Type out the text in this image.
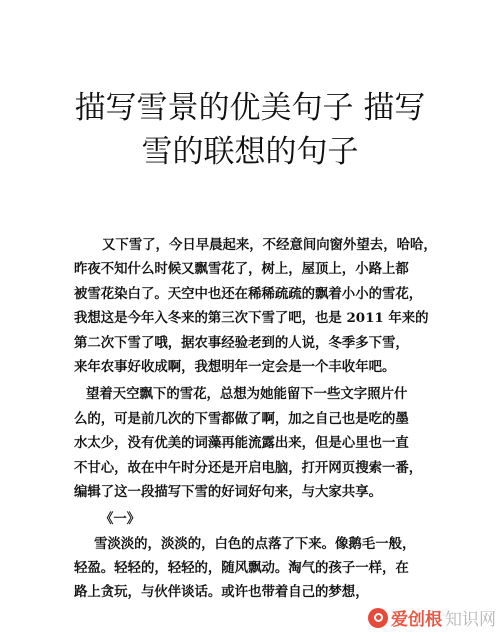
描写雪景的优美句子 描写
雪的联想的句子
又下雪了，今日早晨起来，不经意间向窗外望去，哈哈，
昨夜不知什么时候又飘雪花了，树上，屋顶上，小路上都
被雪花染白了。天空中也还在稀稀疏疏的飘着小小的雪花，
我想这是今年入冬来的第三次下雪了吧，也是 2011 年来的
第二次下雪了哦，据农事经验老到的人说，冬季多下雪，
来年农事好收成啊，我想明年一定会是一个丰收年吧。
望着天空飘下的雪花，总想为她能留下一些文字照片什
么的，可是前几次的下雪都做了啊，加之自己也是吃的墨
水太少，没有优美的词藻再能流露出来，但是心里也一直
不甘心，故在中午时分还是开启电脑，打开网页搜索一番，
编辑了这一段描写下雪的好词好句来，与大家共享。
《一》
雪淡淡的，淡淡的，白色的点落了下来。像鹅毛一般，
轻盈。轻轻的，轻轻的，随风飘动。淘气的孩子一样，在
路上贪玩，与伙伴谈话。或许也带着自己的梦想，
爱创根 知识网
